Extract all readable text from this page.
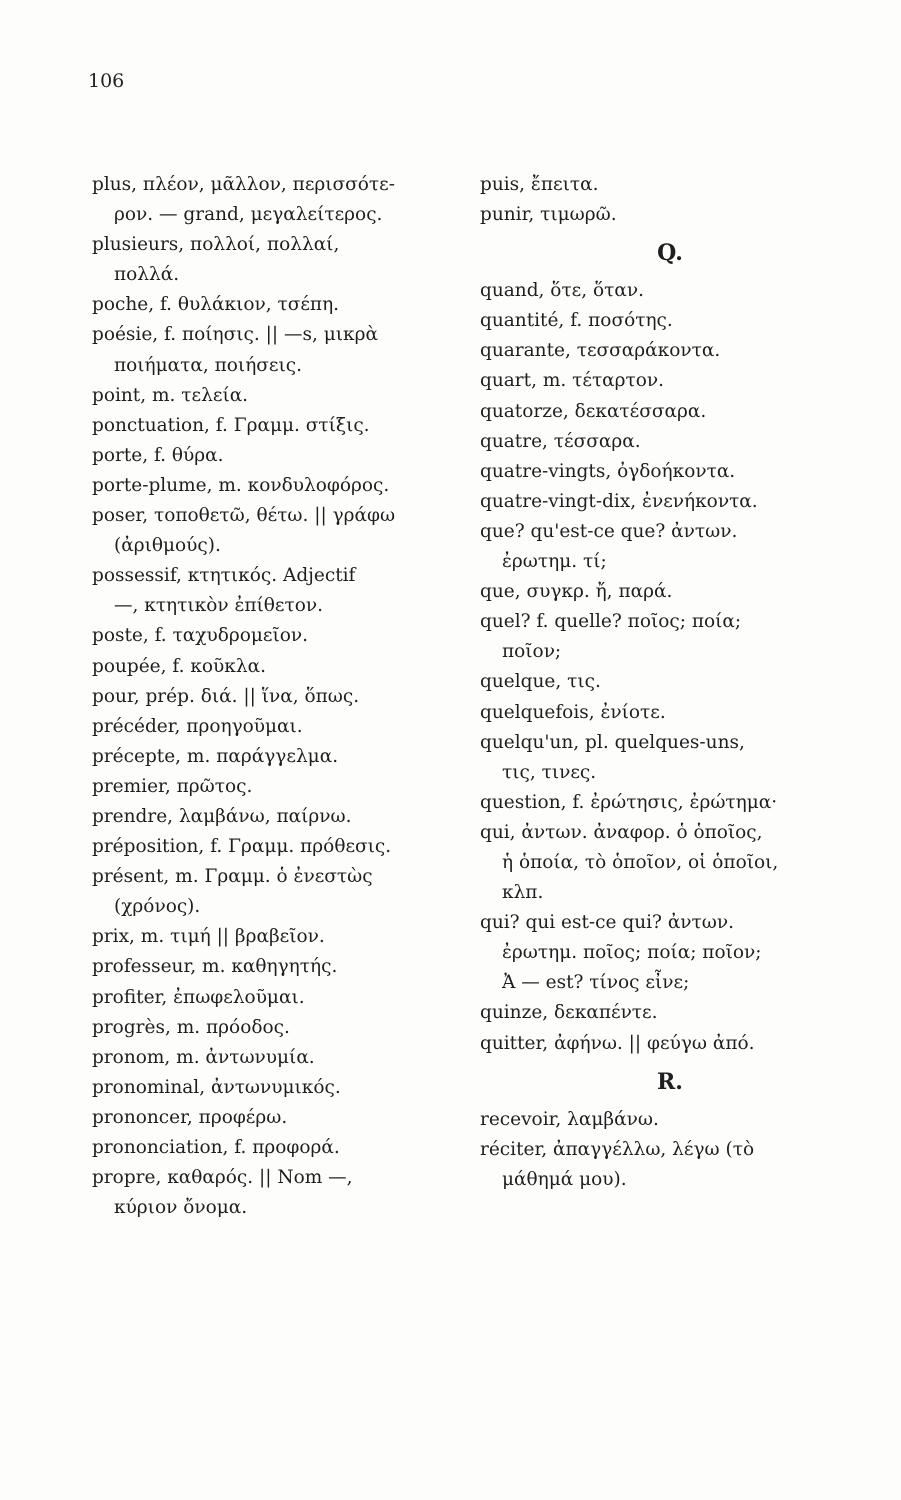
106
plus, πλέον, μᾶλλον, περισσότε-
ρον. — grand, μεγαλείτερος.
plusieurs, πολλοί, πολλαί,
πολλά.
poche, f. θυλάκιον, τσέπη.
poésie, f. ποίησις. || —s, μικρὰ
ποιήματα, ποιήσεις.
point, m. τελεία.
ponctuation, f. Γραμμ. στίξις.
porte, f. θύρα.
porte-plume, m. κονδυλοφόρος.
poser, τοποθετῶ, θέτω. || γράφω
(ἀριθμούς).
possessif, κτητικός. Adjectif
—, κτητικὸν ἐπίθετον.
poste, f. ταχυδρομεῖον.
poupée, f. κοῦκλα.
pour, prép. διά. || ἵνα, ὅπως.
précéder, προηγοῦμαι.
précepte, m. παράγγελμα.
premier, πρῶτος.
prendre, λαμβάνω, παίρνω.
préposition, f. Γραμμ. πρόθεσις.
présent, m. Γραμμ. ὁ ἐνεστὼς
(χρόνος).
prix, m. τιμή || βραβεῖον.
professeur, m. καθηγητής.
profiter, ἐπωφελοῦμαι.
progrès, m. πρόοδος.
pronom, m. ἀντωνυμία.
pronominal, ἀντωνυμικός.
prononcer, προφέρω.
prononciation, f. προφορά.
propre, καθαρός. || Nom —,
κύριον ὄνομα.
puis, ἔπειτα.
punir, τιμωρῶ.
Q.
quand, ὅτε, ὅταν.
quantité, f. ποσότης.
quarante, τεσσαράκοντα.
quart, m. τέταρτον.
quatorze, δεκατέσσαρα.
quatre, τέσσαρα.
quatre-vingts, ὀγδοήκοντα.
quatre-vingt-dix, ἐνενήκοντα.
que? qu'est-ce que? ἀντων.
ἐρωτημ. τί;
que, συγκρ. ἤ, παρά.
quel? f. quelle? ποῖος; ποία;
ποῖον;
quelque, τις.
quelquefois, ἐνίοτε.
quelqu'un, pl. quelques-uns,
τις, τινες.
question, f. ἐρώτησις, ἐρώτημα·
qui, ἀντων. ἀναφορ. ὁ ὁποῖος,
ἡ ὁποία, τὸ ὁποῖον, οἱ ὁποῖοι,
κλπ.
qui? qui est-ce qui? ἀντων.
ἐρωτημ. ποῖος; ποία; ποῖον;
Ἀ — est? τίνος εἶνε;
quinze, δεκαπέντε.
quitter, ἀφήνω. || φεύγω ἀπό.
R.
recevoir, λαμβάνω.
réciter, ἀπαγγέλλω, λέγω (τὸ
μάθημά μου).
